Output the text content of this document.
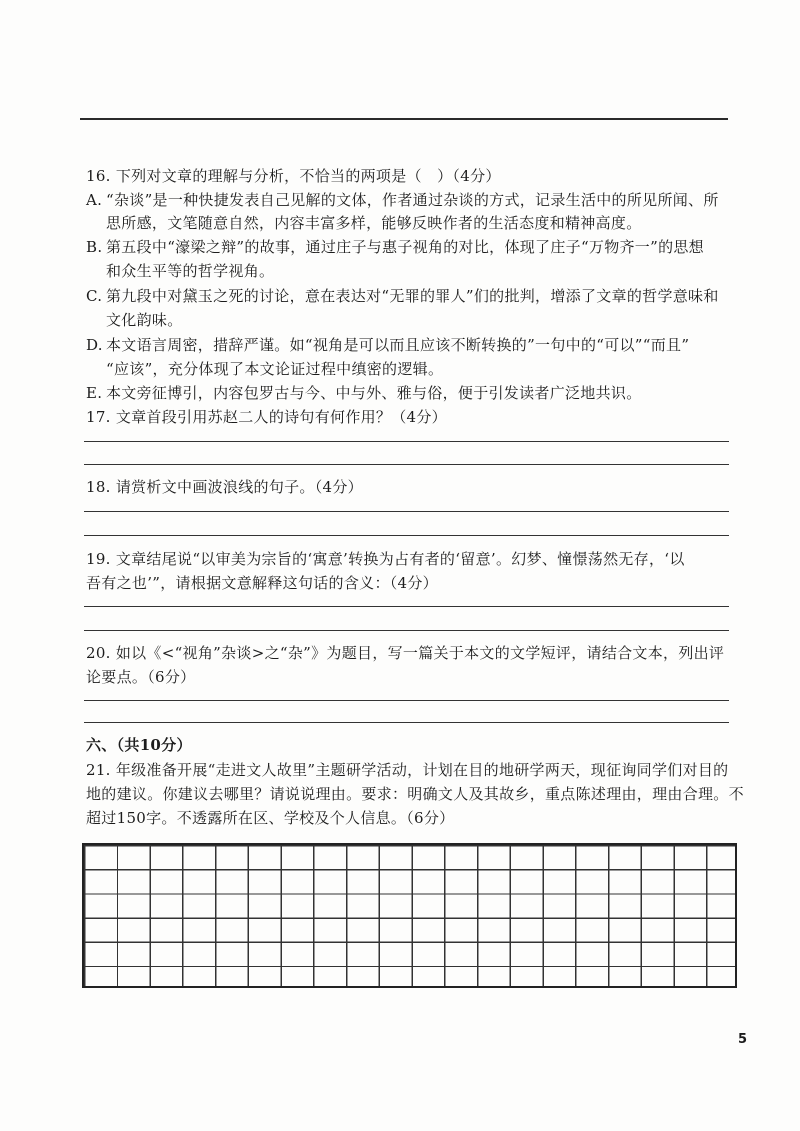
16. 下列对文章的理解与分析，不恰当的两项是（　）（4分）
A. “杂谈”是一种快捷发表自己见解的文体，作者通过杂谈的方式，记录生活中的所见所闻、所
思所感，文笔随意自然，内容丰富多样，能够反映作者的生活态度和精神高度。
B. 第五段中“濠梁之辩”的故事，通过庄子与惠子视角的对比，体现了庄子“万物齐一”的思想
和众生平等的哲学视角。
C. 第九段中对黛玉之死的讨论，意在表达对“无罪的罪人”们的批判，增添了文章的哲学意味和
文化韵味。
D. 本文语言周密，措辞严谨。如“视角是可以而且应该不断转换的”一句中的“可以”“而且”
“应该”，充分体现了本文论证过程中缜密的逻辑。
E. 本文旁征博引，内容包罗古与今、中与外、雅与俗，便于引发读者广泛地共识。
17. 文章首段引用苏赵二人的诗句有何作用？（4分）
18. 请赏析文中画波浪线的句子。（4分）
19. 文章结尾说“以审美为宗旨的‘寓意’转换为占有者的‘留意’。幻梦、憧憬荡然无存，‘以
吾有之也’”，请根据文意解释这句话的含义：（4分）
20. 如以《<“视角”杂谈>之“杂”》为题目，写一篇关于本文的文学短评，请结合文本，列出评
论要点。（6分）
六、（共10分）
21. 年级准备开展“走进文人故里”主题研学活动，计划在目的地研学两天，现征询同学们对目的
地的建议。你建议去哪里？请说说理由。要求：明确文人及其故乡，重点陈述理由，理由合理。不
超过150字。不透露所在区、学校及个人信息。（6分）
5
